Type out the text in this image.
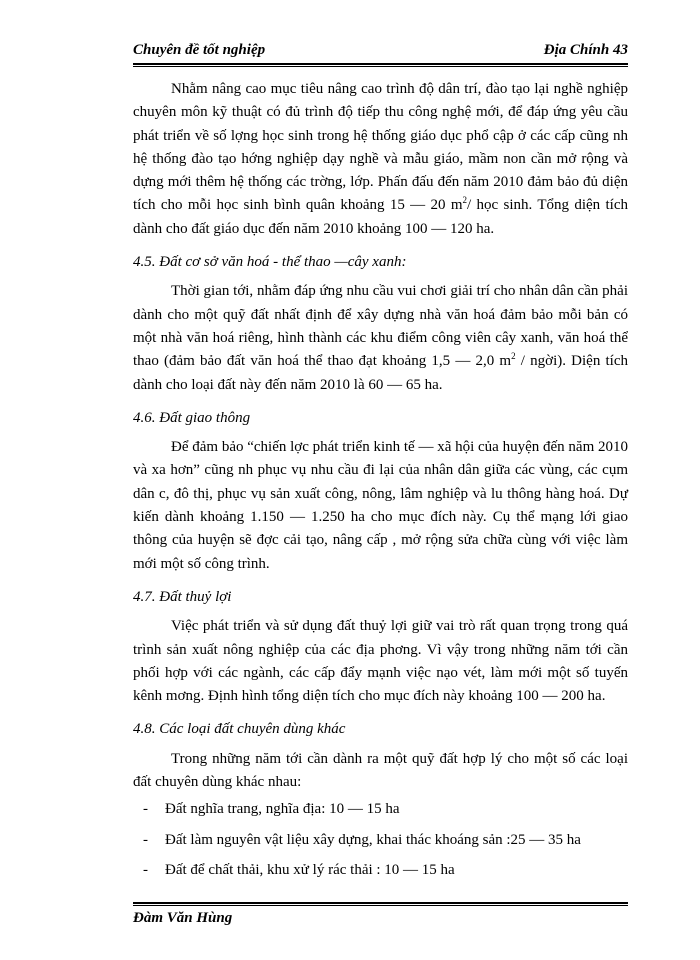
Chuyên đề tốt nghiệp	Địa Chính 43

Nhằm nâng cao mục tiêu nâng cao trình độ dân trí, đào tạo lại nghề nghiệp chuyên môn kỹ thuật có đủ trình độ tiếp thu công nghệ mới, để đáp ứng yêu cầu phát triển về số lợng học sinh trong hệ thống giáo dục phổ cập ở các cấp cũng nh hệ thống đào tạo hớng nghiệp dạy nghề và mẫu giáo, mầm non cần mở rộng và dựng mới thêm hệ thống các trờng, lớp. Phấn đấu đến năm 2010 đảm bảo đủ diện tích cho mỗi học sinh bình quân khoảng 15 — 20 $m^2/$ học sinh. Tổng diện tích dành cho đất giáo dục đến năm 2010 khoảng 100 — 120 ha.

4.5. Đất cơ sở văn hoá - thể thao —cây xanh:

Thời gian tới, nhằm đáp ứng nhu cầu vui chơi giải trí cho nhân dân cần phải dành cho một quỹ đất nhất định để xây dựng nhà văn hoá đảm bảo mỗi bản có một nhà văn hoá riêng, hình thành các khu điểm công viên cây xanh, văn hoá thể thao (đảm bảo đất văn hoá thể thao đạt khoảng 1,5 — 2,0 $m^2$ / ngời). Diện tích dành cho loại đất này đến năm 2010 là 60 — 65 ha.

4.6. Đất giao thông

Để đảm bảo “chiến lợc phát triển kinh tế — xã hội của huyện đến năm 2010 và xa hơn” cũng nh phục vụ nhu cầu đi lại của nhân dân giữa các vùng, các cụm dân c, đô thị, phục vụ sản xuất công, nông, lâm nghiệp và lu thông hàng hoá. Dự kiến dành khoảng 1.150 — 1.250 ha cho mục đích này. Cụ thể mạng lới giao thông của huyện sẽ đợc cải tạo, nâng cấp , mở rộng sửa chữa cùng với việc làm mới một số công trình.

4.7. Đất thuỷ lợi

Việc phát triển và sử dụng đất thuỷ lợi giữ vai trò rất quan trọng trong quá trình sản xuất nông nghiệp của các địa phơng. Vì vậy trong những năm tới cần phối hợp với các ngành, các cấp đẩy mạnh việc nạo vét, làm mới một số tuyến kênh mơng. Định hình tổng diện tích cho mục đích này khoảng 100 — 200 ha.

4.8. Các loại đất chuyên dùng khác

Trong những năm tới cần dành ra một quỹ đất hợp lý cho một số các loại đất chuyên dùng khác nhau:

- Đất nghĩa trang, nghĩa địa: 10 — 15 ha
- Đất làm nguyên vật liệu xây dựng, khai thác khoáng sản :25 — 35 ha
- Đất để chất thải, khu xử lý rác thải : 10 — 15 ha
Đàm Văn Hùng
